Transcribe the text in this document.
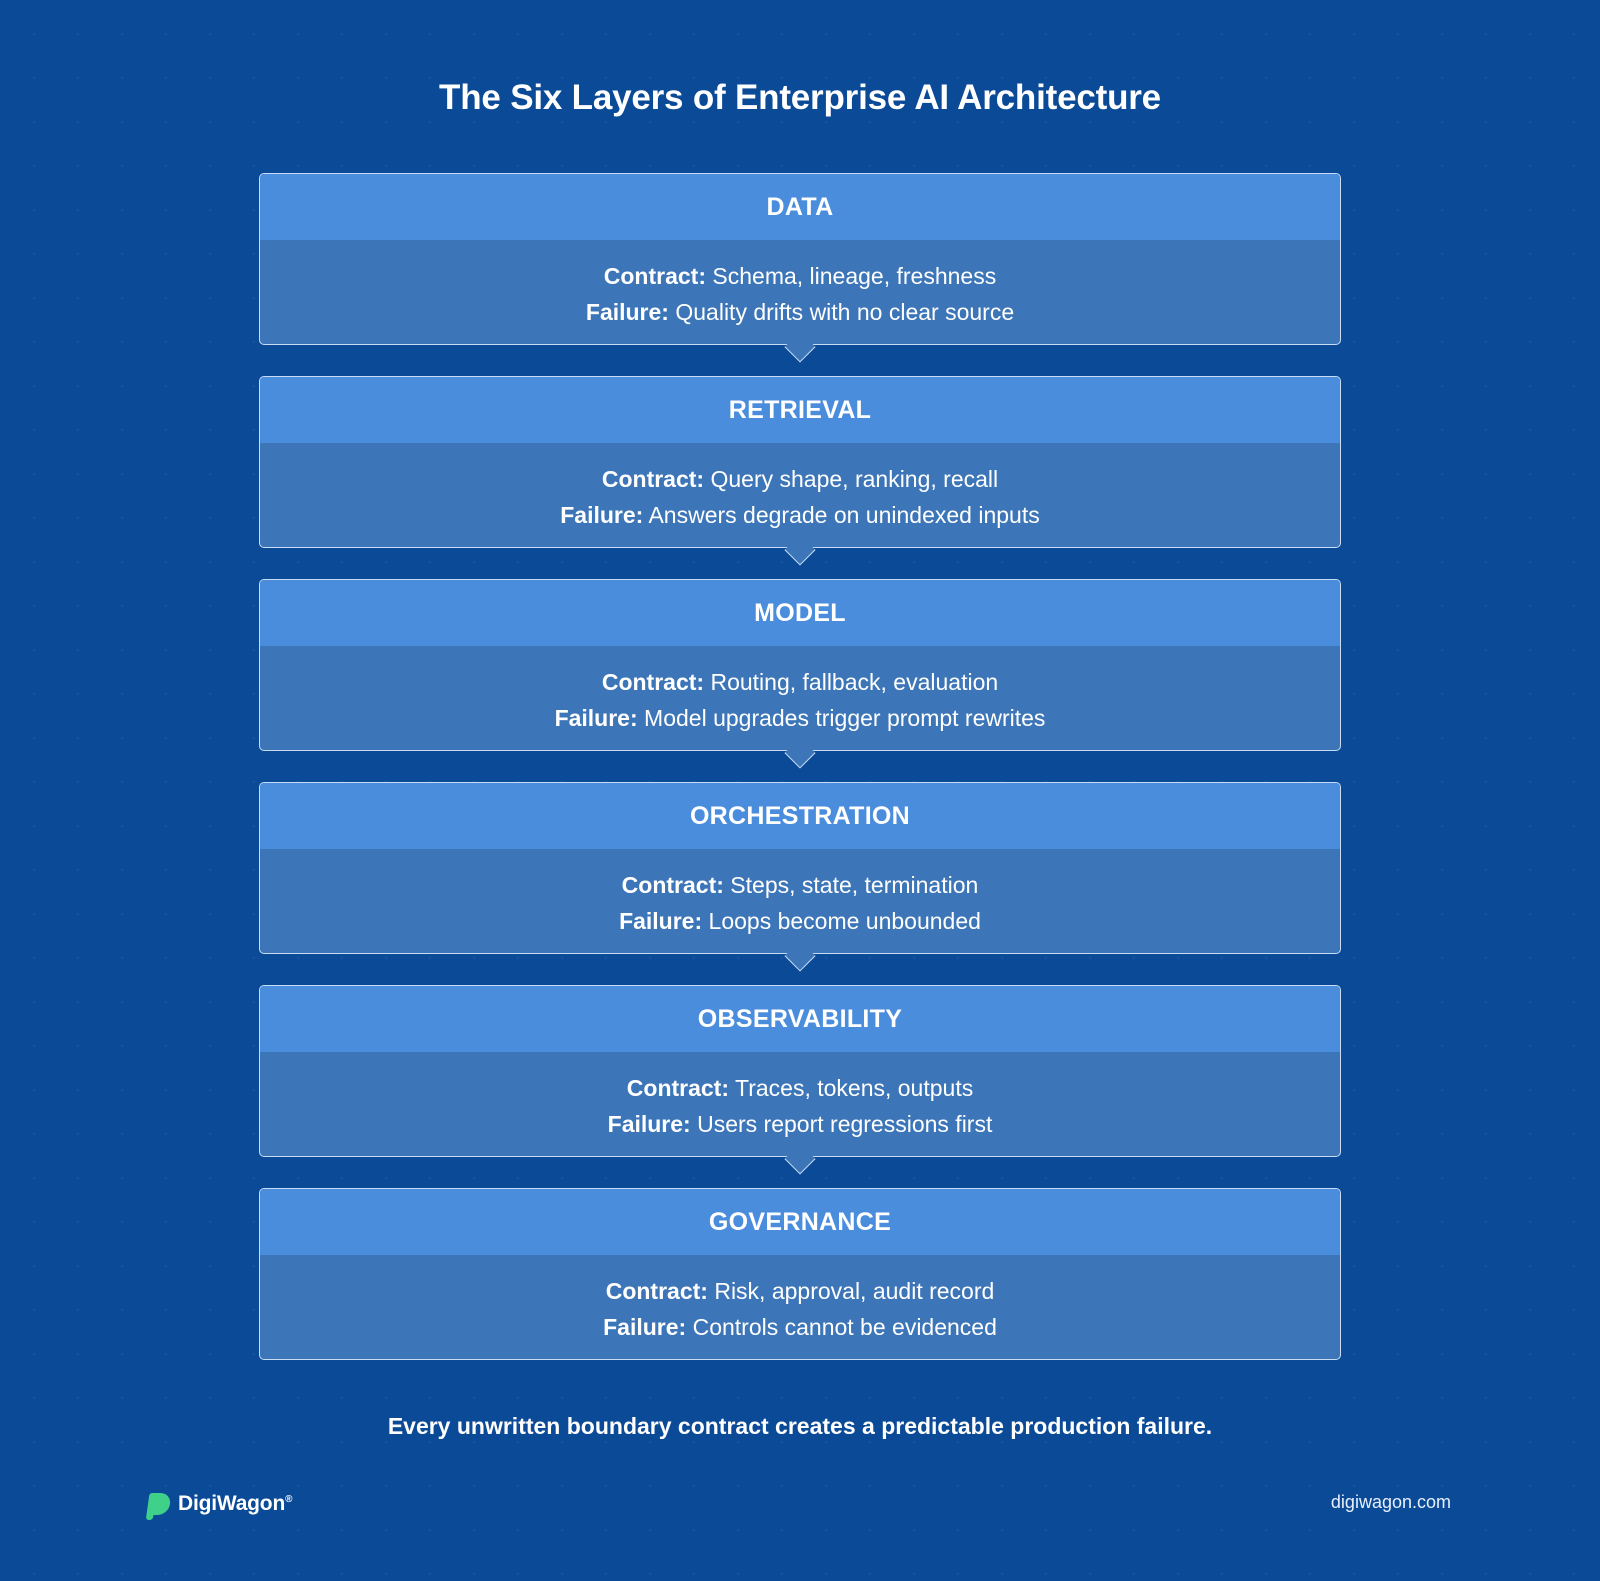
The Six Layers of Enterprise AI Architecture
DATA
Contract: Schema, lineage, freshness
Failure: Quality drifts with no clear source
RETRIEVAL
Contract: Query shape, ranking, recall
Failure: Answers degrade on unindexed inputs
MODEL
Contract: Routing, fallback, evaluation
Failure: Model upgrades trigger prompt rewrites
ORCHESTRATION
Contract: Steps, state, termination
Failure: Loops become unbounded
OBSERVABILITY
Contract: Traces, tokens, outputs
Failure: Users report regressions first
GOVERNANCE
Contract: Risk, approval, audit record
Failure: Controls cannot be evidenced
Every unwritten boundary contract creates a predictable production failure.
DigiWagon®	digiwagon.com
